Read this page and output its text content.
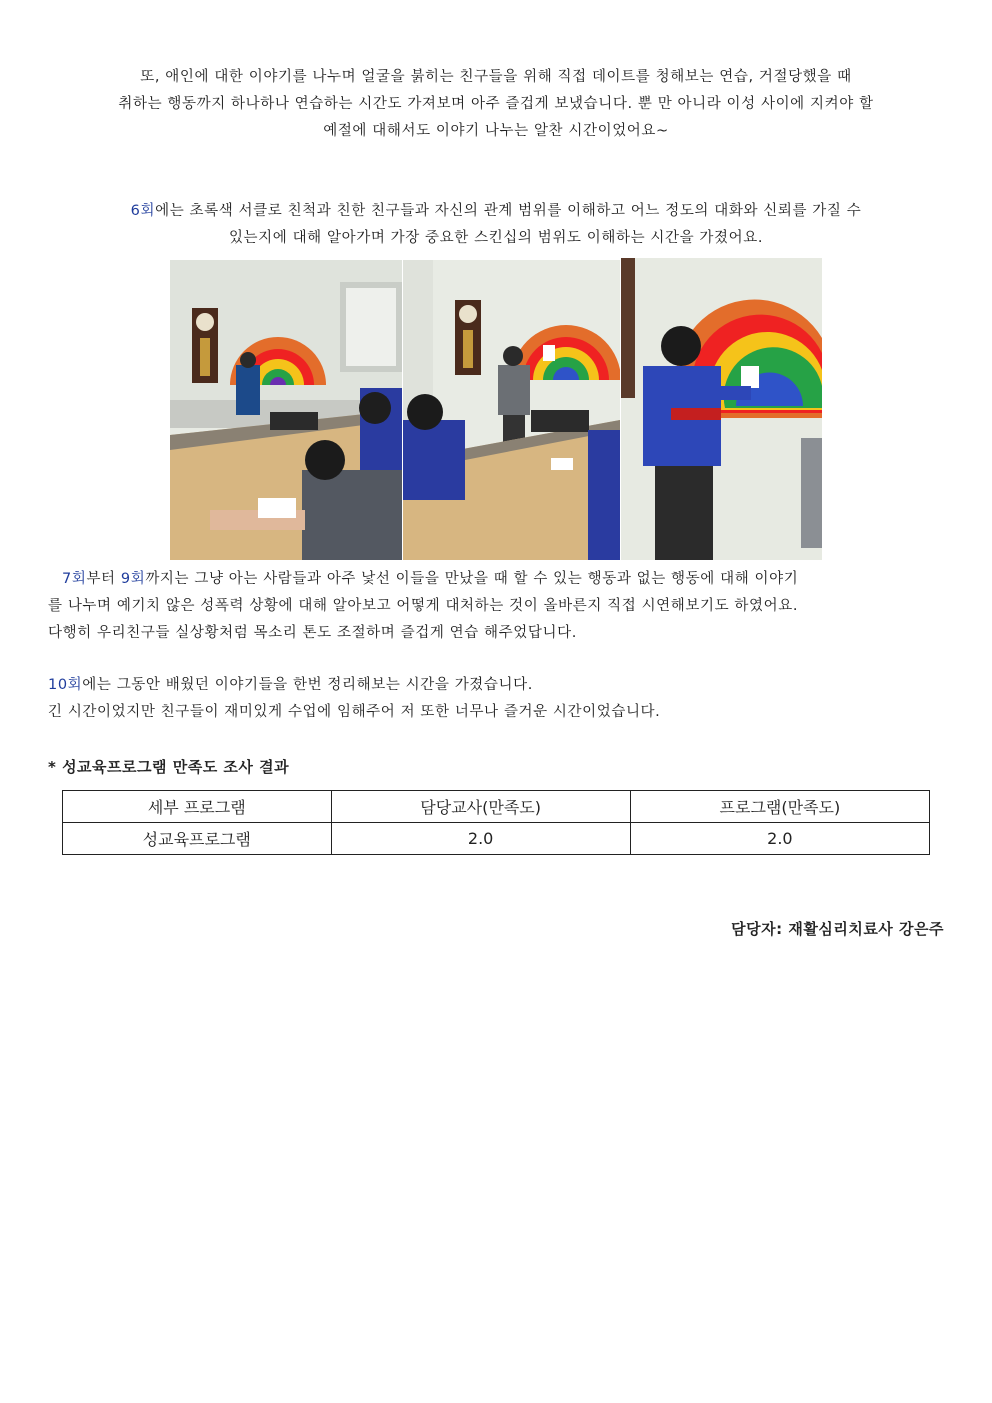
또, 애인에 대한 이야기를 나누며 얼굴을 붉히는 친구들을 위해 직접 데이트를 청해보는 연습, 거절당했을 때
취하는 행동까지 하나하나 연습하는 시간도 가져보며 아주 즐겁게 보냈습니다. 뿐 만 아니라 이성 사이에 지켜야 할
예절에 대해서도 이야기 나누는 알찬 시간이었어요~
6회에는 초록색 서클로 친척과 친한 친구들과 자신의 관계 범위를 이해하고 어느 정도의 대화와 신뢰를 가질 수
있는지에 대해 알아가며 가장 중요한 스킨십의 범위도 이해하는 시간을 가졌어요.
7회부터 9회까지는 그냥 아는 사람들과 아주 낯선 이들을 만났을 때 할 수 있는 행동과 없는 행동에 대해 이야기
를 나누며 예기치 않은 성폭력 상황에 대해 알아보고 어떻게 대처하는 것이 올바른지 직접 시연해보기도 하였어요.
다행히 우리친구들 실상황처럼 목소리 톤도 조절하며 즐겁게 연습 해주었답니다.
10회에는 그동안 배웠던 이야기들을 한번 정리해보는 시간을 가졌습니다.
긴 시간이었지만 친구들이 재미있게 수업에 임해주어 저 또한 너무나 즐거운 시간이었습니다.
* 성교육프로그램 만족도 조사 결과
세부 프로그램	담당교사(만족도)	프로그램(만족도)
성교육프로그램	2.0	2.0
담당자: 재활심리치료사 강은주
